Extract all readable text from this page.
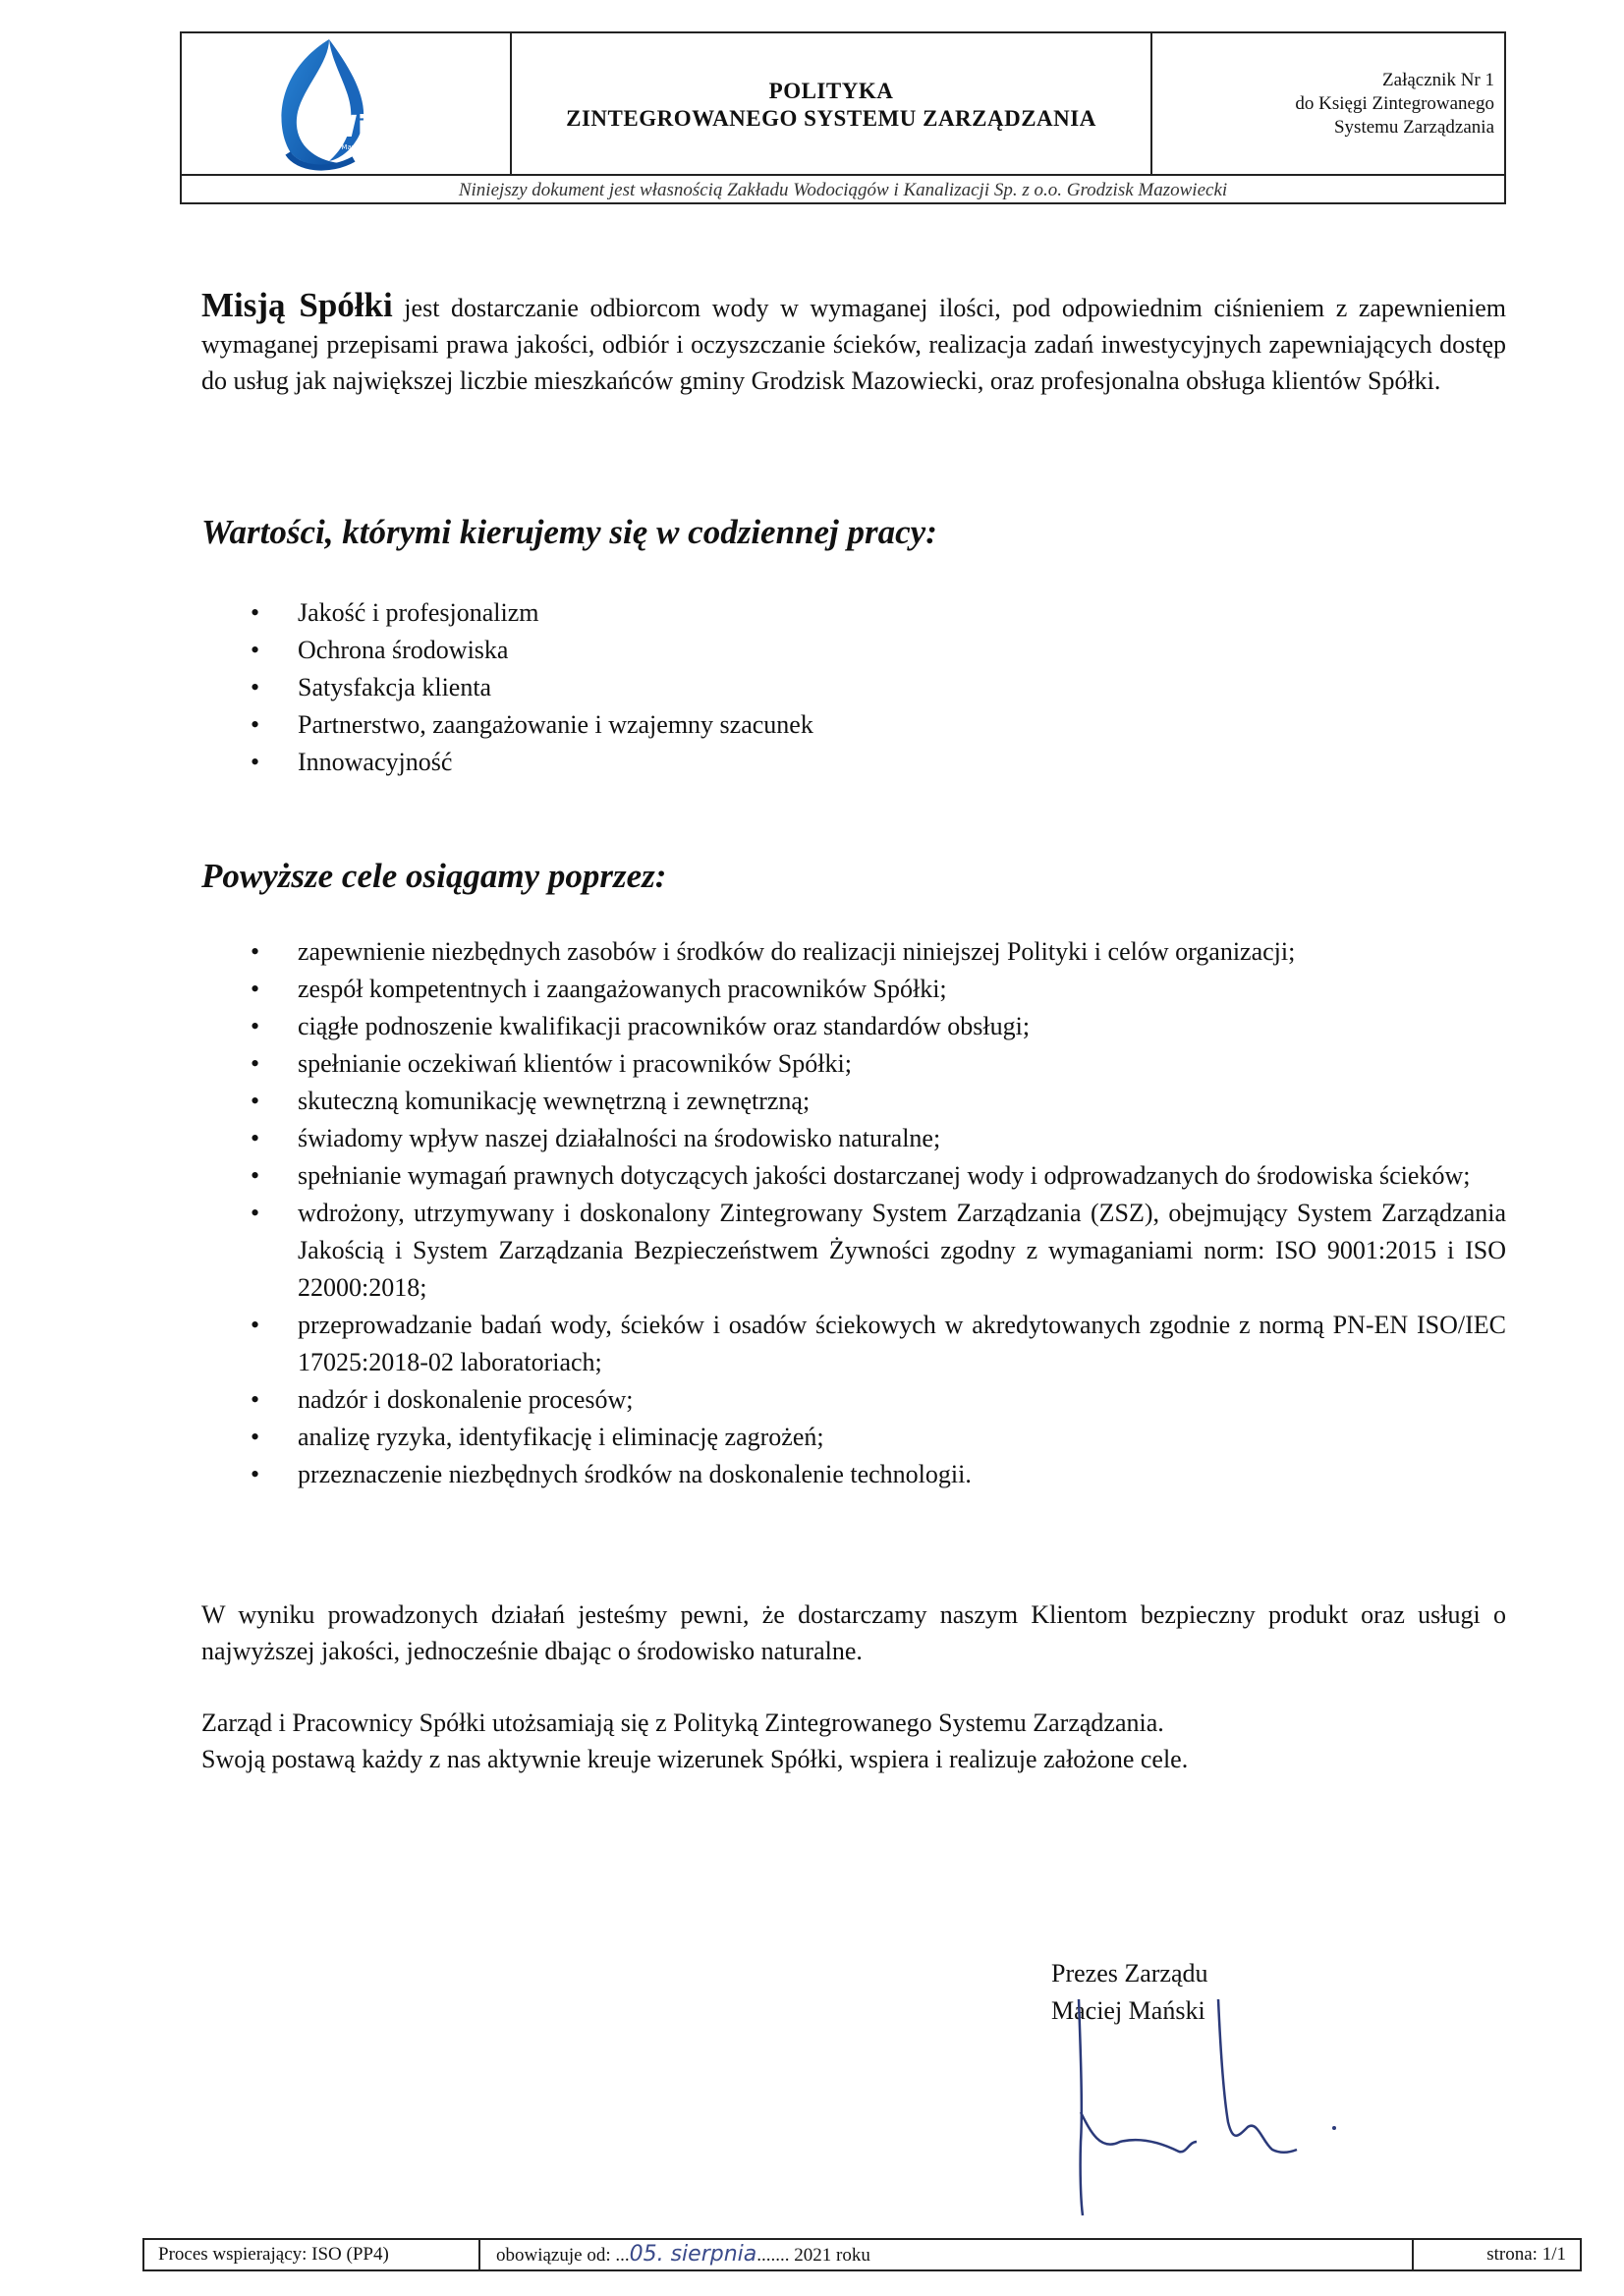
ZWiK
Grodzisk Mazowiecki
POLITYKA
ZINTEGROWANEGO SYSTEMU ZARZĄDZANIA
Załącznik Nr 1
do Księgi Zintegrowanego
Systemu Zarządzania
Niniejszy dokument jest własnością Zakładu Wodociągów i Kanalizacji Sp. z o.o. Grodzisk Mazowiecki
Misją Spółki jest dostarczanie odbiorcom wody w wymaganej ilości, pod odpowiednim ciśnieniem z zapewnieniem wymaganej przepisami prawa jakości, odbiór i oczyszczanie ścieków, realizacja zadań inwestycyjnych zapewniających dostęp do usług jak największej liczbie mieszkańców gminy Grodzisk Mazowiecki, oraz profesjonalna obsługa klientów Spółki.
Wartości, którymi kierujemy się w codziennej pracy:
• Jakość i profesjonalizm
• Ochrona środowiska
• Satysfakcja klienta
• Partnerstwo, zaangażowanie i wzajemny szacunek
• Innowacyjność
Powyższe cele osiągamy poprzez:
• zapewnienie niezbędnych zasobów i środków do realizacji niniejszej Polityki i celów organizacji;
• zespół kompetentnych i zaangażowanych pracowników Spółki;
• ciągłe podnoszenie kwalifikacji pracowników oraz standardów obsługi;
• spełnianie oczekiwań klientów i pracowników Spółki;
• skuteczną komunikację wewnętrzną i zewnętrzną;
• świadomy wpływ naszej działalności na środowisko naturalne;
• spełnianie wymagań prawnych dotyczących jakości dostarczanej wody i odprowadzanych do środowiska ścieków;
• wdrożony, utrzymywany i doskonalony Zintegrowany System Zarządzania (ZSZ), obejmujący System Zarządzania Jakością i System Zarządzania Bezpieczeństwem Żywności zgodny z wymaganiami norm: ISO 9001:2015 i ISO 22000:2018;
• przeprowadzanie badań wody, ścieków i osadów ściekowych w akredytowanych zgodnie z normą PN-EN ISO/IEC 17025:2018-02 laboratoriach;
• nadzór i doskonalenie procesów;
• analizę ryzyka, identyfikację i eliminację zagrożeń;
• przeznaczenie niezbędnych środków na doskonalenie technologii.
W wyniku prowadzonych działań jesteśmy pewni, że dostarczamy naszym Klientom bezpieczny produkt oraz usługi o najwyższej jakości, jednocześnie dbając o środowisko naturalne.
Zarząd i Pracownicy Spółki utożsamiają się z Polityką Zintegrowanego Systemu Zarządzania.
Swoją postawą każdy z nas aktywnie kreuje wizerunek Spółki, wspiera i realizuje założone cele.
Prezes Zarządu
Maciej Mański
Proces wspierający: ISO (PP4)	obowiązuje od: ...05. sierpnia....... 2021 roku	strona: 1/1
